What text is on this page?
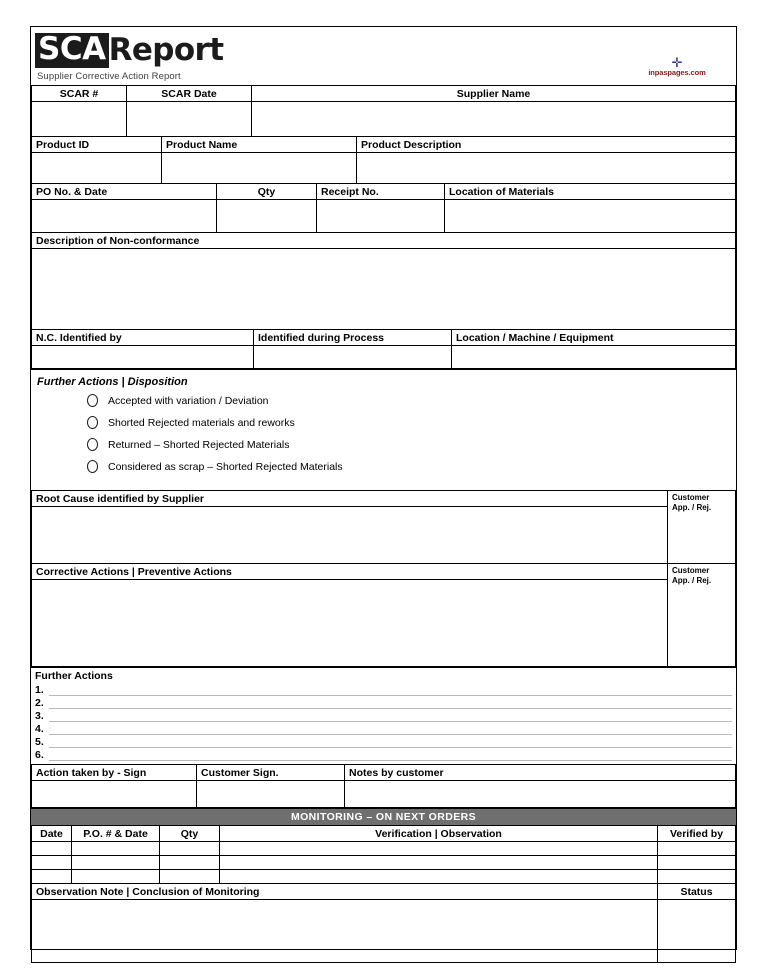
SCA Report
Supplier Corrective Action Report
✛
inpaspages.com
SCAR #	SCAR Date	Supplier Name

Product ID	Product Name	Product Description

PO No. & Date	Qty	Receipt No.	Location of Materials

Description of Non-conformance

N.C. Identified by	Identified during Process	Location / Machine / Equipment

Further Actions | Disposition
Accepted with variation / Deviation
Shorted Rejected materials and reworks
Returned – Shorted Rejected Materials
Considered as scrap – Shorted Rejected Materials
Root Cause identified by Supplier	Customer
App. / Rej.

Corrective Actions | Preventive Actions	Customer
App. / Rej.

Further Actions
1.
2.
3.
4.
5.
6.
Action taken by - Sign	Customer Sign.	Notes by customer

MONITORING – ON NEXT ORDERS
Date	P.O. # & Date	Qty	Verification | Observation	Verified by

Observation Note | Conclusion of Monitoring	Status
